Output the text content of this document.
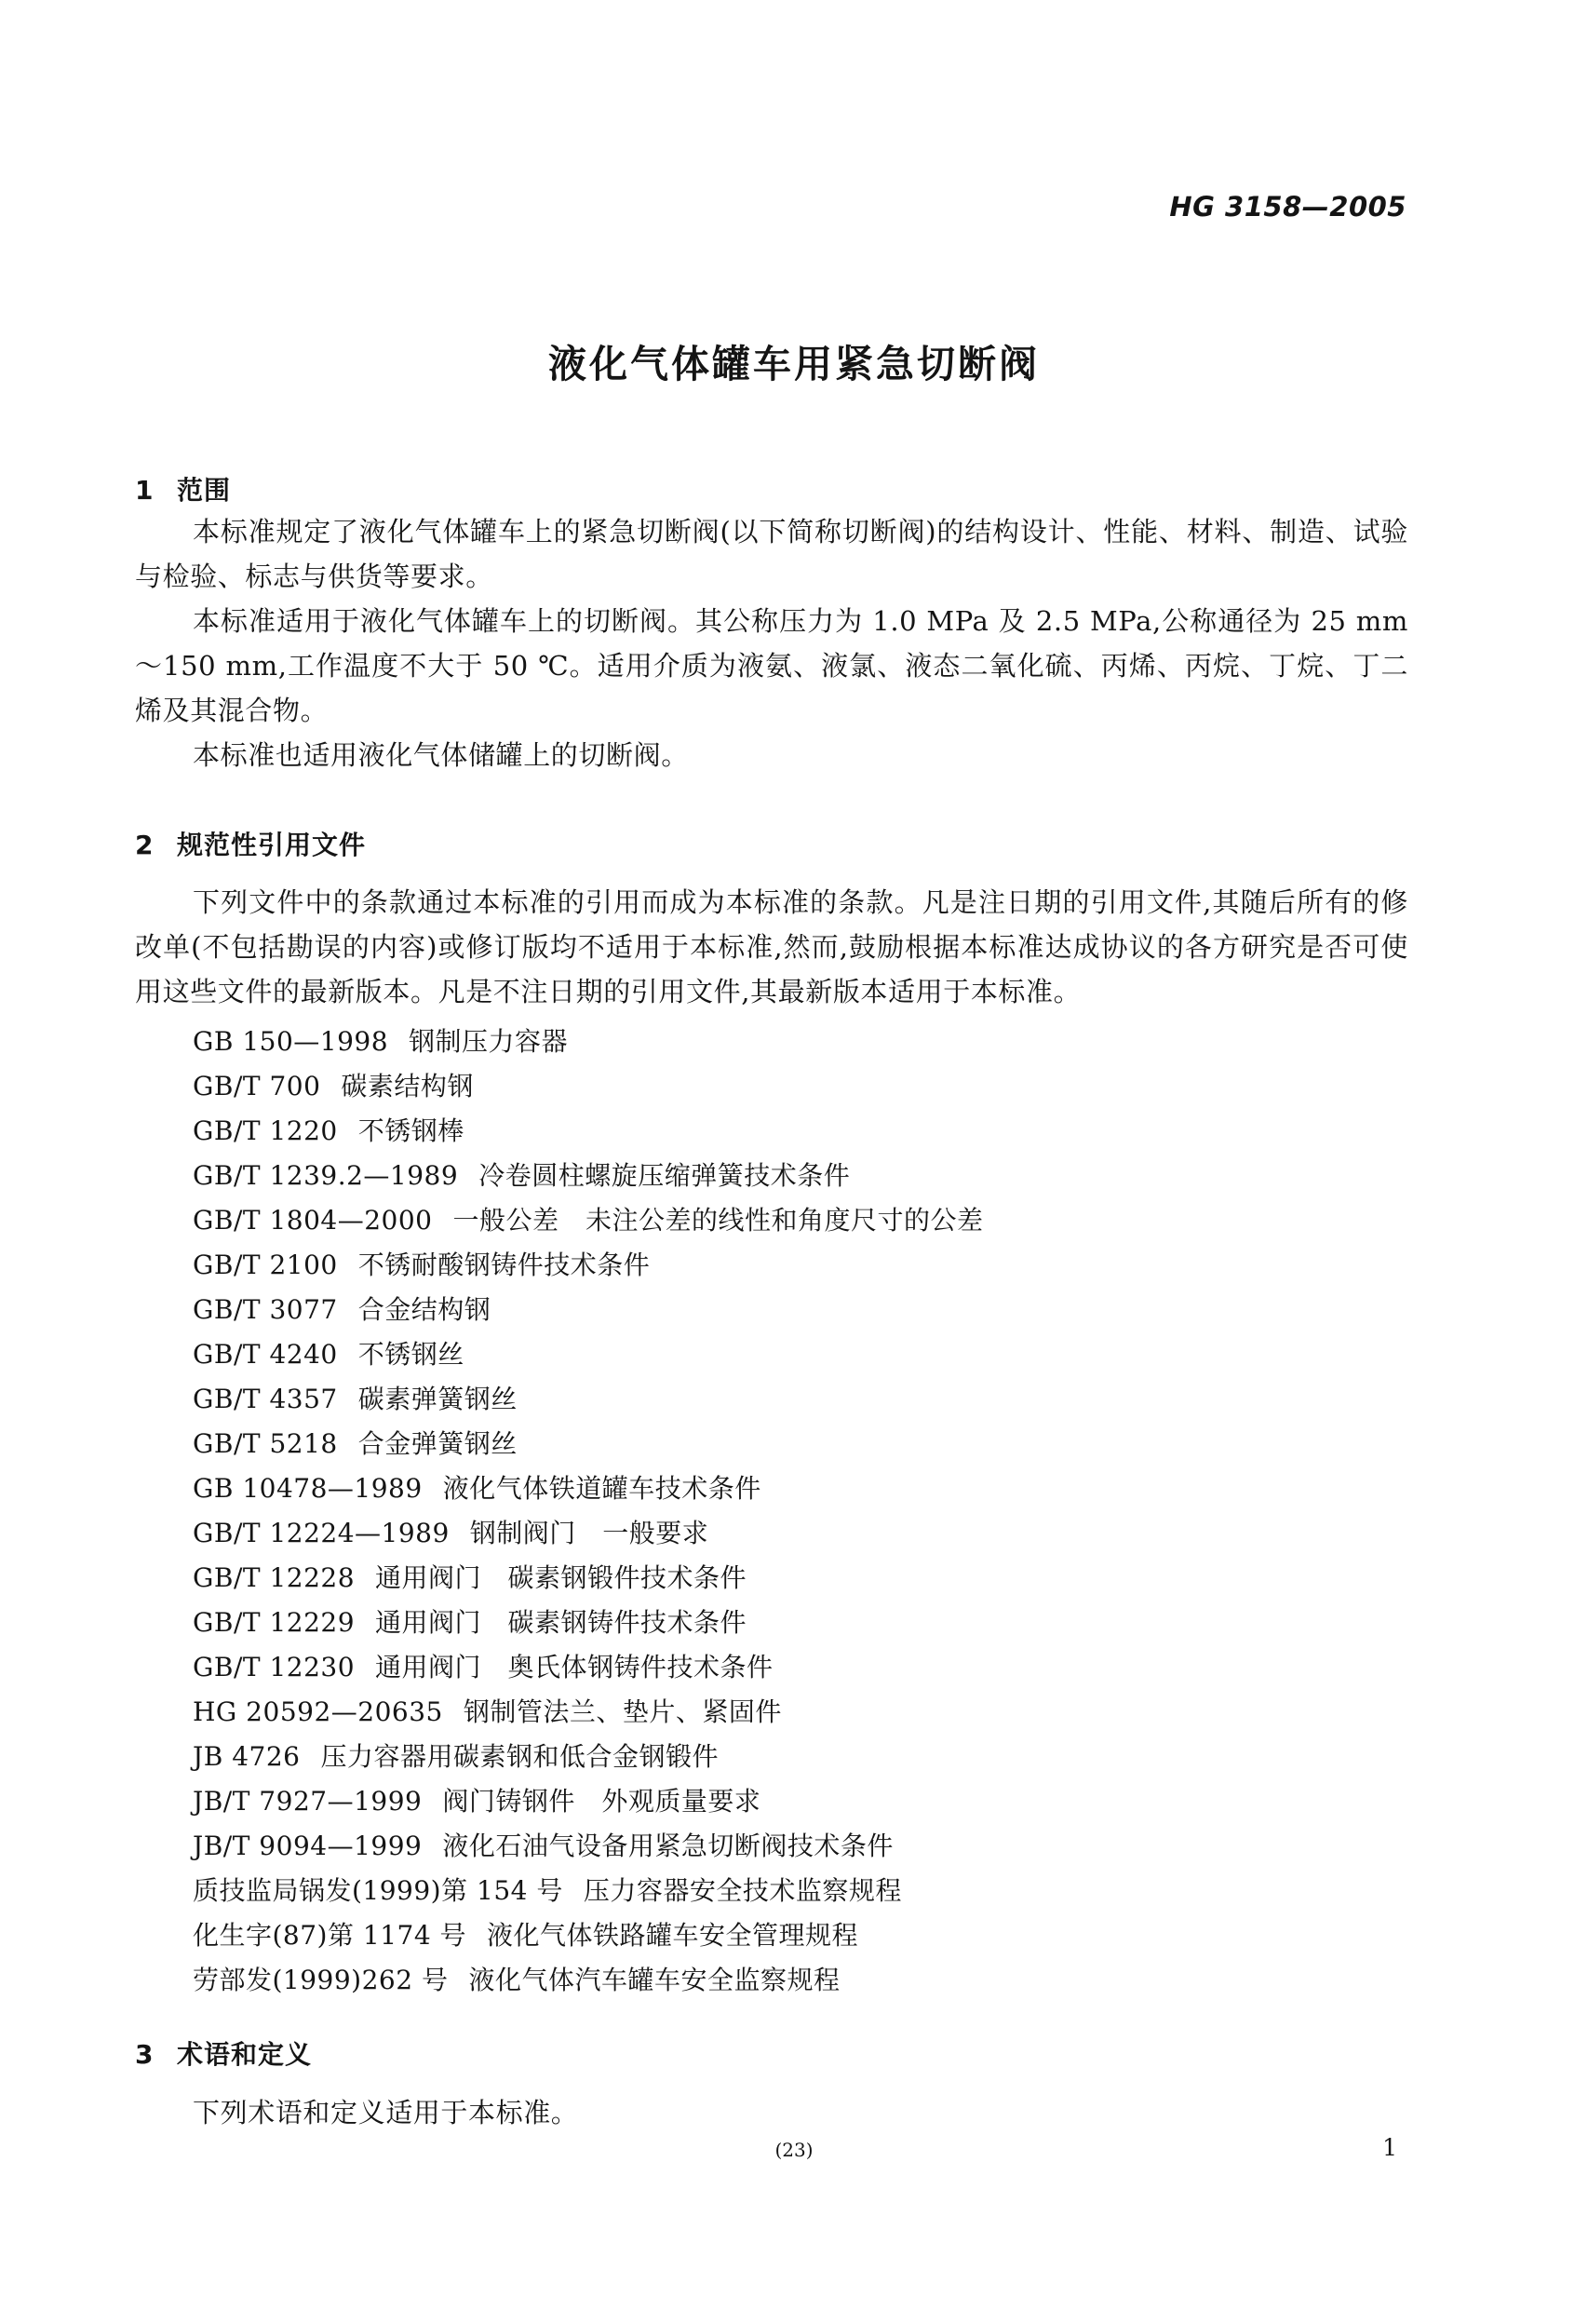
HG 3158—2005
液化气体罐车用紧急切断阀
1 范围

本标准规定了液化气体罐车上的紧急切断阀(以下简称切断阀)的结构设计、性能、材料、制造、试验与检验、标志与供货等要求。

本标准适用于液化气体罐车上的切断阀。其公称压力为 1.0 MPa 及 2.5 MPa,公称通径为 25 mm～150 mm,工作温度不大于 50 ℃。适用介质为液氨、液氯、液态二氧化硫、丙烯、丙烷、丁烷、丁二烯及其混合物。

本标准也适用液化气体储罐上的切断阀。

2 规范性引用文件

下列文件中的条款通过本标准的引用而成为本标准的条款。凡是注日期的引用文件,其随后所有的修改单(不包括勘误的内容)或修订版均不适用于本标准,然而,鼓励根据本标准达成协议的各方研究是否可使用这些文件的最新版本。凡是不注日期的引用文件,其最新版本适用于本标准。

GB 150—1998 钢制压力容器
GB/T 700 碳素结构钢
GB/T 1220 不锈钢棒
GB/T 1239.2—1989 冷卷圆柱螺旋压缩弹簧技术条件
GB/T 1804—2000 一般公差　未注公差的线性和角度尺寸的公差
GB/T 2100 不锈耐酸钢铸件技术条件
GB/T 3077 合金结构钢
GB/T 4240 不锈钢丝
GB/T 4357 碳素弹簧钢丝
GB/T 5218 合金弹簧钢丝
GB 10478—1989 液化气体铁道罐车技术条件
GB/T 12224—1989 钢制阀门　一般要求
GB/T 12228 通用阀门　碳素钢锻件技术条件
GB/T 12229 通用阀门　碳素钢铸件技术条件
GB/T 12230 通用阀门　奥氏体钢铸件技术条件
HG 20592—20635 钢制管法兰、垫片、紧固件
JB 4726 压力容器用碳素钢和低合金钢锻件
JB/T 7927—1999 阀门铸钢件　外观质量要求
JB/T 9094—1999 液化石油气设备用紧急切断阀技术条件
质技监局锅发(1999)第 154 号 压力容器安全技术监察规程
化生字(87)第 1174 号 液化气体铁路罐车安全管理规程
劳部发(1999)262 号 液化气体汽车罐车安全监察规程
3 术语和定义

下列术语和定义适用于本标准。

(23)	1
